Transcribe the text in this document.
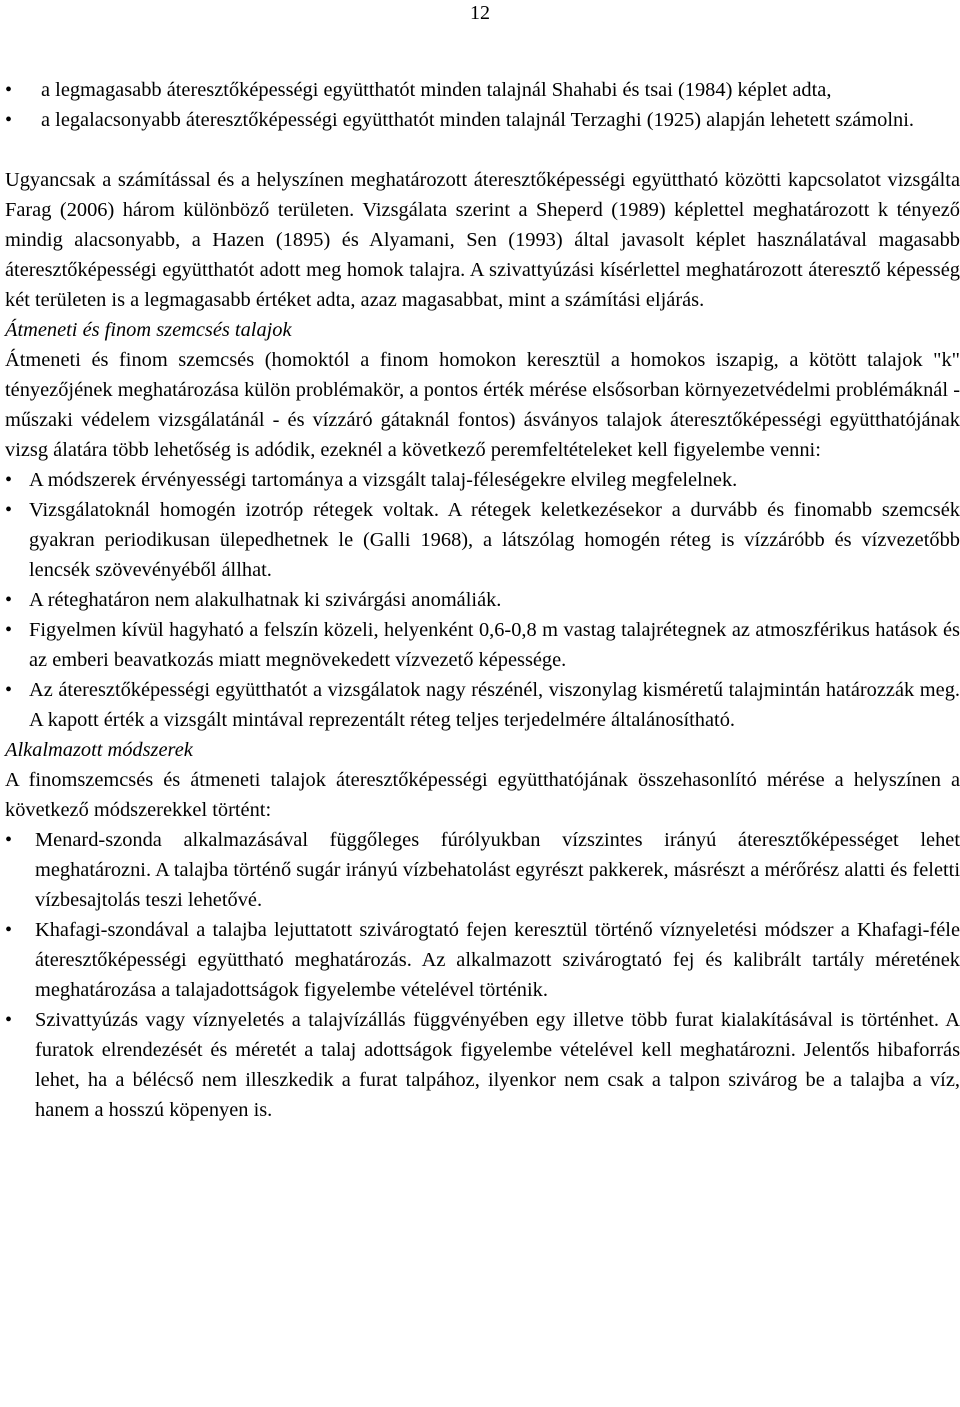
12
• a legmagasabb áteresztőképességi együtthatót minden talajnál Shahabi és tsai (1984) képlet adta,
• a legalacsonyabb áteresztőképességi együtthatót minden talajnál Terzaghi (1925) alapján lehetett számolni.

Ugyancsak a számítással és a helyszínen meghatározott áteresztőképességi együttható közötti kapcsolatot vizsgálta Farag (2006) három különböző területen. Vizsgálata szerint a Sheperd (1989) képlettel meghatározott k tényező mindig alacsonyabb, a Hazen (1895) és Alyamani, Sen (1993) által javasolt képlet használatával magasabb áteresztőképességi együtthatót adott meg homok talajra. A szivattyúzási kísérlettel meghatározott áteresztő képesség két területen is a legmagasabb értéket adta, azaz magasabbat, mint a számítási eljárás.

Átmeneti és finom szemcsés talajok

Átmeneti és finom szemcsés (homoktól a finom homokon keresztül a homokos iszapig, a kötött talajok "k" tényezőjének meghatározása külön problémakör, a pontos érték mérése elsősorban környezetvédelmi problémáknál -műszaki védelem vizsgálatánál - és vízzáró gátaknál fontos) ásványos talajok áteresztőképességi együtthatójának vizsg álatára több lehetőség is adódik, ezeknél a következő peremfeltételeket kell figyelembe venni:

• A módszerek érvényességi tartománya a vizsgált talaj-féleségekre elvileg megfelelnek.
• Vizsgálatoknál homogén izotróp rétegek voltak. A rétegek keletkezésekor a durvább és finomabb szemcsék gyakran periodikusan ülepedhetnek le (Galli 1968), a látszólag homogén réteg is vízzáróbb és vízvezetőbb lencsék szövevényéből állhat.
• A réteghatáron nem alakulhatnak ki szivárgási anomáliák.
• Figyelmen kívül hagyható a felszín közeli, helyenként 0,6-0,8 m vastag talajrétegnek az atmoszférikus hatások és az emberi beavatkozás miatt megnövekedett vízvezető képessége.
• Az áteresztőképességi együtthatót a vizsgálatok nagy részénél, viszonylag kisméretű talajmintán határozzák meg. A kapott érték a vizsgált mintával reprezentált réteg teljes terjedelmére általánosítható.

Alkalmazott módszerek

A finomszemcsés és átmeneti talajok áteresztőképességi együtthatójának összehasonlító mérése a helyszínen a következő módszerekkel történt:

• Menard-szonda alkalmazásával függőleges fúrólyukban vízszintes irányú áteresztőképességet lehet meghatározni. A talajba történő sugár irányú vízbehatolást egyrészt pakkerek, másrészt a mérőrész alatti és feletti vízbesajtolás teszi lehetővé.
• Khafagi-szondával a talajba lejuttatott szivárogtató fejen keresztül történő víznyeletési módszer a Khafagi-féle áteresztőképességi együttható meghatározás. Az alkalmazott szivárogtató fej és kalibrált tartály méretének meghatározása a talajadottságok figyelembe vételével történik.
• Szivattyúzás vagy víznyeletés a talajvízállás függvényében egy illetve több furat kialakításával is történhet. A furatok elrendezését és méretét a talaj adottságok figyelembe vételével kell meghatározni. Jelentős hibaforrás lehet, ha a bélécső nem illeszkedik a furat talpához, ilyenkor nem csak a talpon szivárog be a talajba a víz, hanem a hosszú köpenyen is.
